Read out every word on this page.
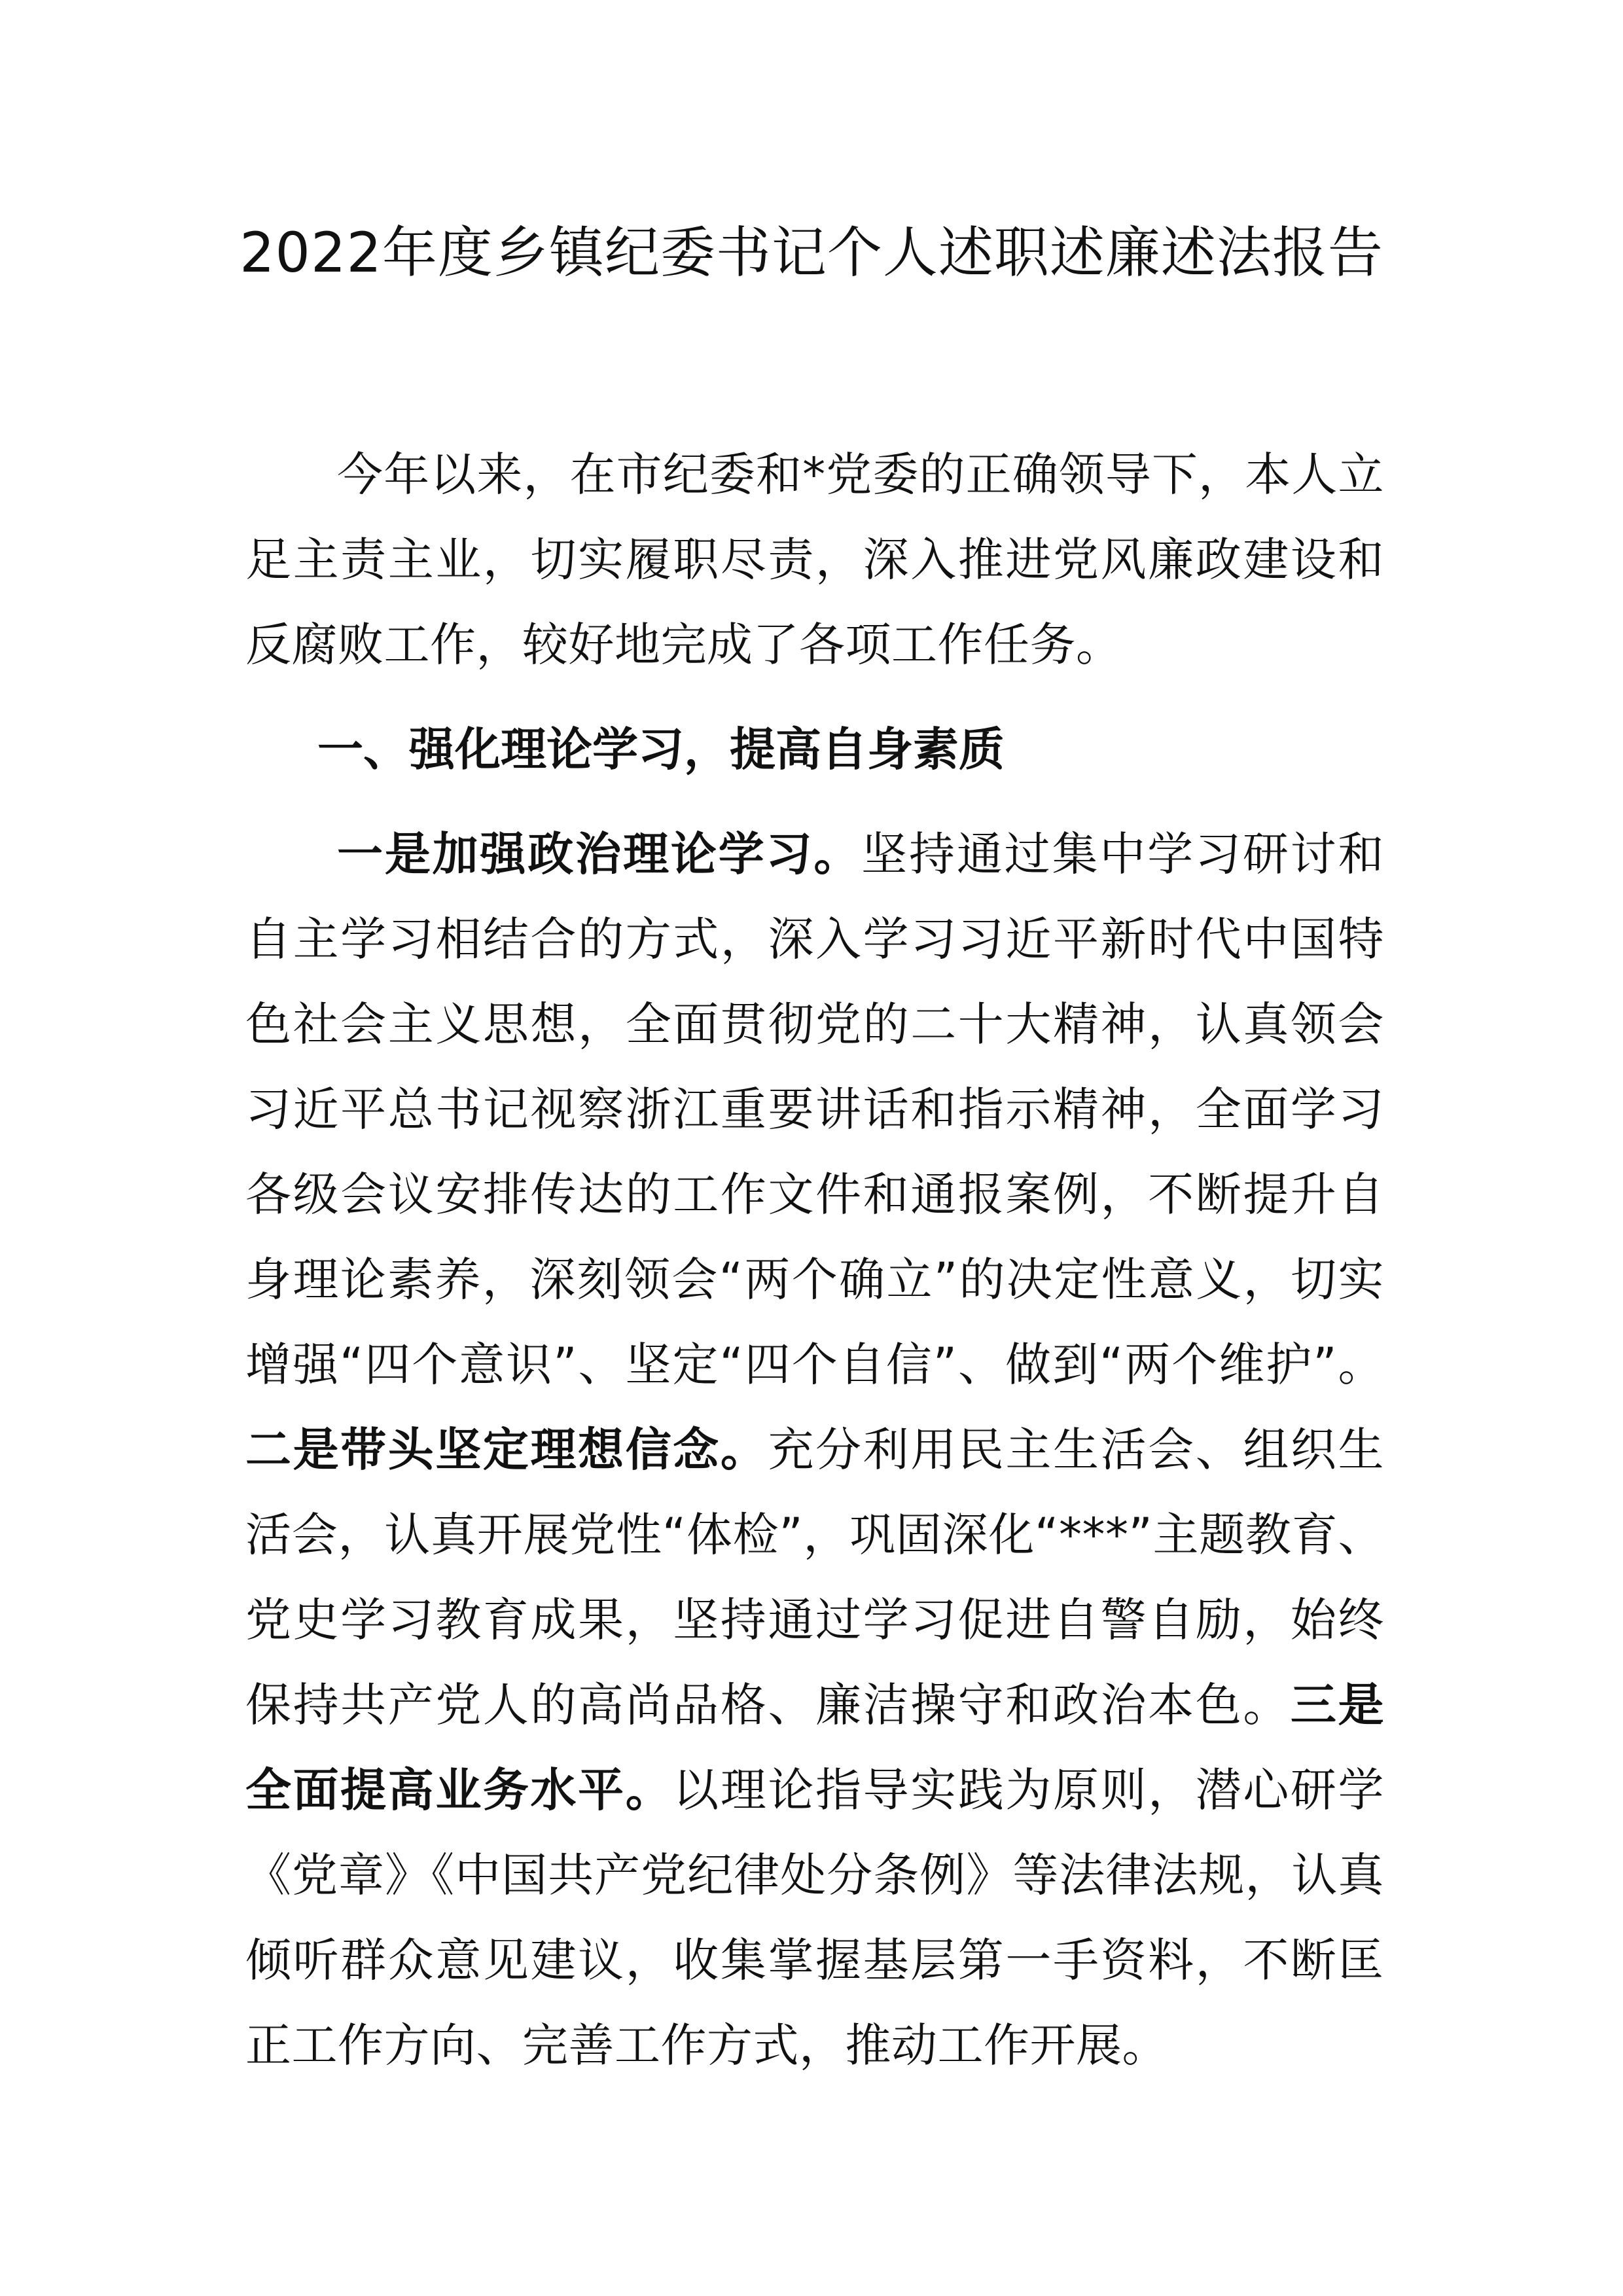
2022年度乡镇纪委书记个人述职述廉述法报告

今年以来，在市纪委和*党委的正确领导下，本人立足主责主业，切实履职尽责，深入推进党风廉政建设和反腐败工作，较好地完成了各项工作任务。

一、强化理论学习，提高自身素质

一是加强政治理论学习。坚持通过集中学习研讨和自主学习相结合的方式，深入学习习近平新时代中国特色社会主义思想，全面贯彻党的二十大精神，认真领会习近平总书记视察浙江重要讲话和指示精神，全面学习各级会议安排传达的工作文件和通报案例，不断提升自身理论素养，深刻领会“两个确立”的决定性意义，切实增强“四个意识”、坚定“四个自信”、做到“两个维护”。二是带头坚定理想信念。充分利用民主生活会、组织生活会，认真开展党性“体检”，巩固深化“***”主题教育、党史学习教育成果，坚持通过学习促进自警自励，始终保持共产党人的高尚品格、廉洁操守和政治本色。三是全面提高业务水平。以理论指导实践为原则，潜心研学《党章》《中国共产党纪律处分条例》等法律法规，认真倾听群众意见建议，收集掌握基层第一手资料，不断匡正工作方向、完善工作方式，推动工作开展。
